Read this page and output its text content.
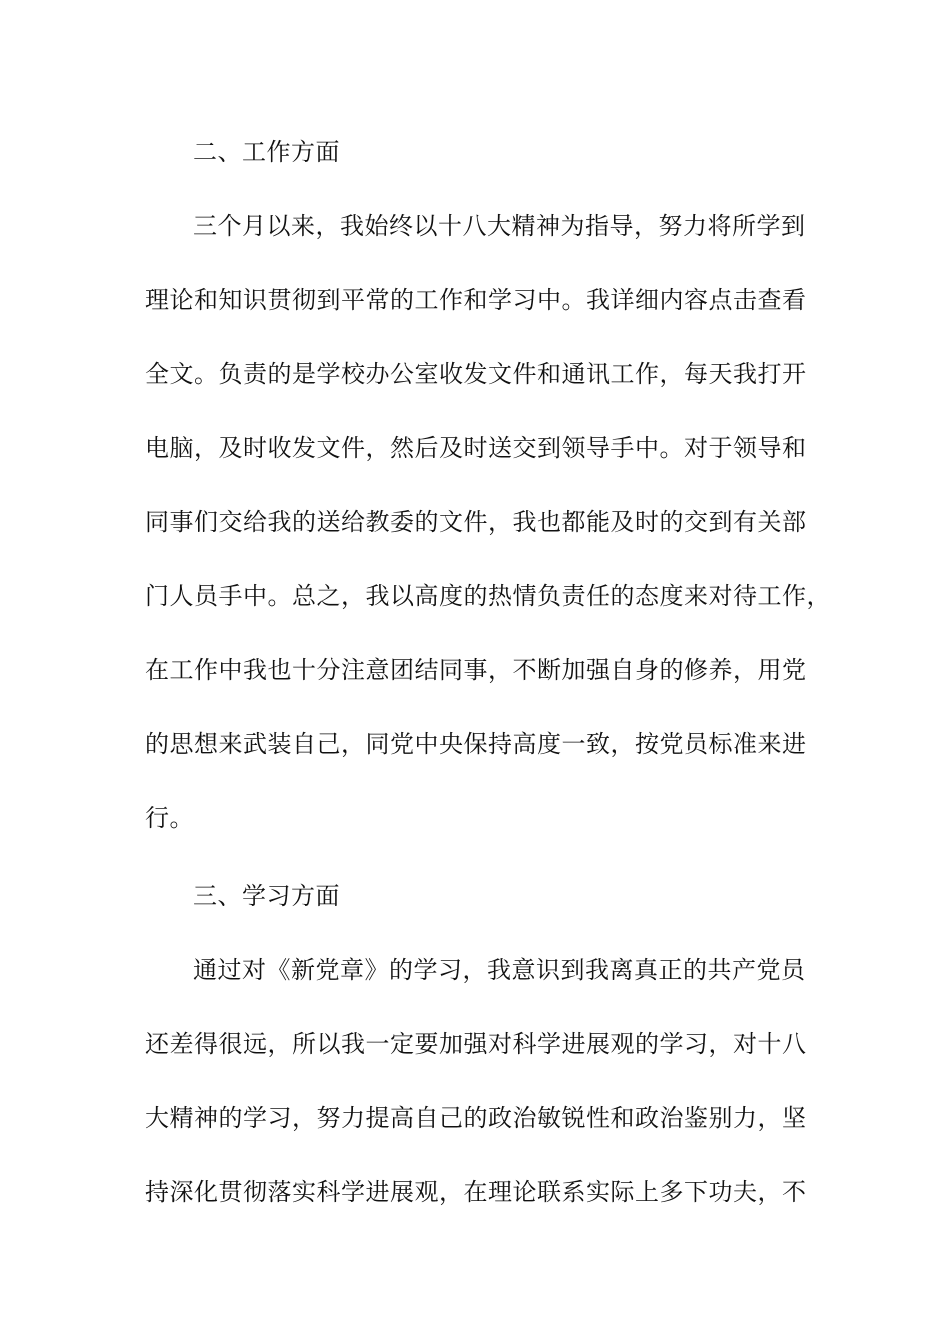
二、工作方面
三个月以来，我始终以十八大精神为指导，努力将所学到
理论和知识贯彻到平常的工作和学习中。我详细内容点击查看
全文。负责的是学校办公室收发文件和通讯工作，每天我打开
电脑，及时收发文件，然后及时送交到领导手中。对于领导和
同事们交给我的送给教委的文件，我也都能及时的交到有关部
门人员手中。总之，我以高度的热情负责任的态度来对待工作，
在工作中我也十分注意团结同事，不断加强自身的修养，用党
的思想来武装自己，同党中央保持高度一致，按党员标准来进
行。
三、学习方面
通过对《新党章》的学习，我意识到我离真正的共产党员
还差得很远，所以我一定要加强对科学进展观的学习，对十八
大精神的学习，努力提高自己的政治敏锐性和政治鉴别力，坚
持深化贯彻落实科学进展观，在理论联系实际上多下功夫，不
